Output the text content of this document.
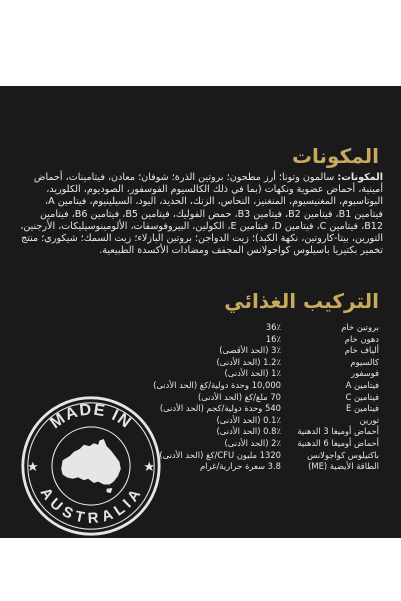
المكونات
المكونات: سالمون وتونا؛ أرز مطحون؛ بروتين الذرة؛ شوفان؛ معادن، فيتامينات، أحماض أمينية، أحماض عضوية ونكهات (بما في ذلك الكالسيوم الفوسفور، الصوديوم، الكلوريد، البوتاسيوم، المغنيسيوم، المنغنيز، النحاس، الزنك، الحديد، اليود، السيلينيوم، فيتامين A، فيتامين B1، فيتامين B2، فيتامين B3، حمض الفوليك، فيتامين B5، فيتامين B6، فيتامين B12، فيتامين C، فيتامين D، فيتامين E، الكولين، البيروفوسفات، الألومينوسيليكات، الأرجنين، التورين، بيتا-كاروتين، نكهة الكبد)؛ زيت الدواجن؛ بروتين البازلاء؛ زيت السمك؛ شيكوري؛ منتج تخمير بكتيريا باسيلوس كواجولانس المجفف ومضادات الأكسدة الطبيعية.
التركيب الغذائي
بروتين خام
36٪
دهون خام
16٪
ألياف خام
3٪ (الحد الأقصى)
كالسيوم
1.2٪ (الحد الأدنى)
فوسفور
1٪ (الحد الأدنى)
فيتامين A
10,000 وحدة دولية/كغ (الحد الأدنى)
فيتامين C
70 ملغ/كغ (الحد الأدنى)
فيتامين E
540 وحدة دولية/كجم (الحد الأدنى)
تورين
0.1٪ (الحد الأدنى)
أحماض أوميغا 3 الدهنية
0.8٪ (الحد الأدنى)
أحماض أوميغا 6 الدهنية
2٪ (الحد الأدنى)
باكتيلوس كواجولانس
1320 مليون CFU/كغ (الحد الأدنى)
الطاقة الأيضية (ME)
3.8 سعرة حرارية/غرام
MADE IN
AUSTRALIA
